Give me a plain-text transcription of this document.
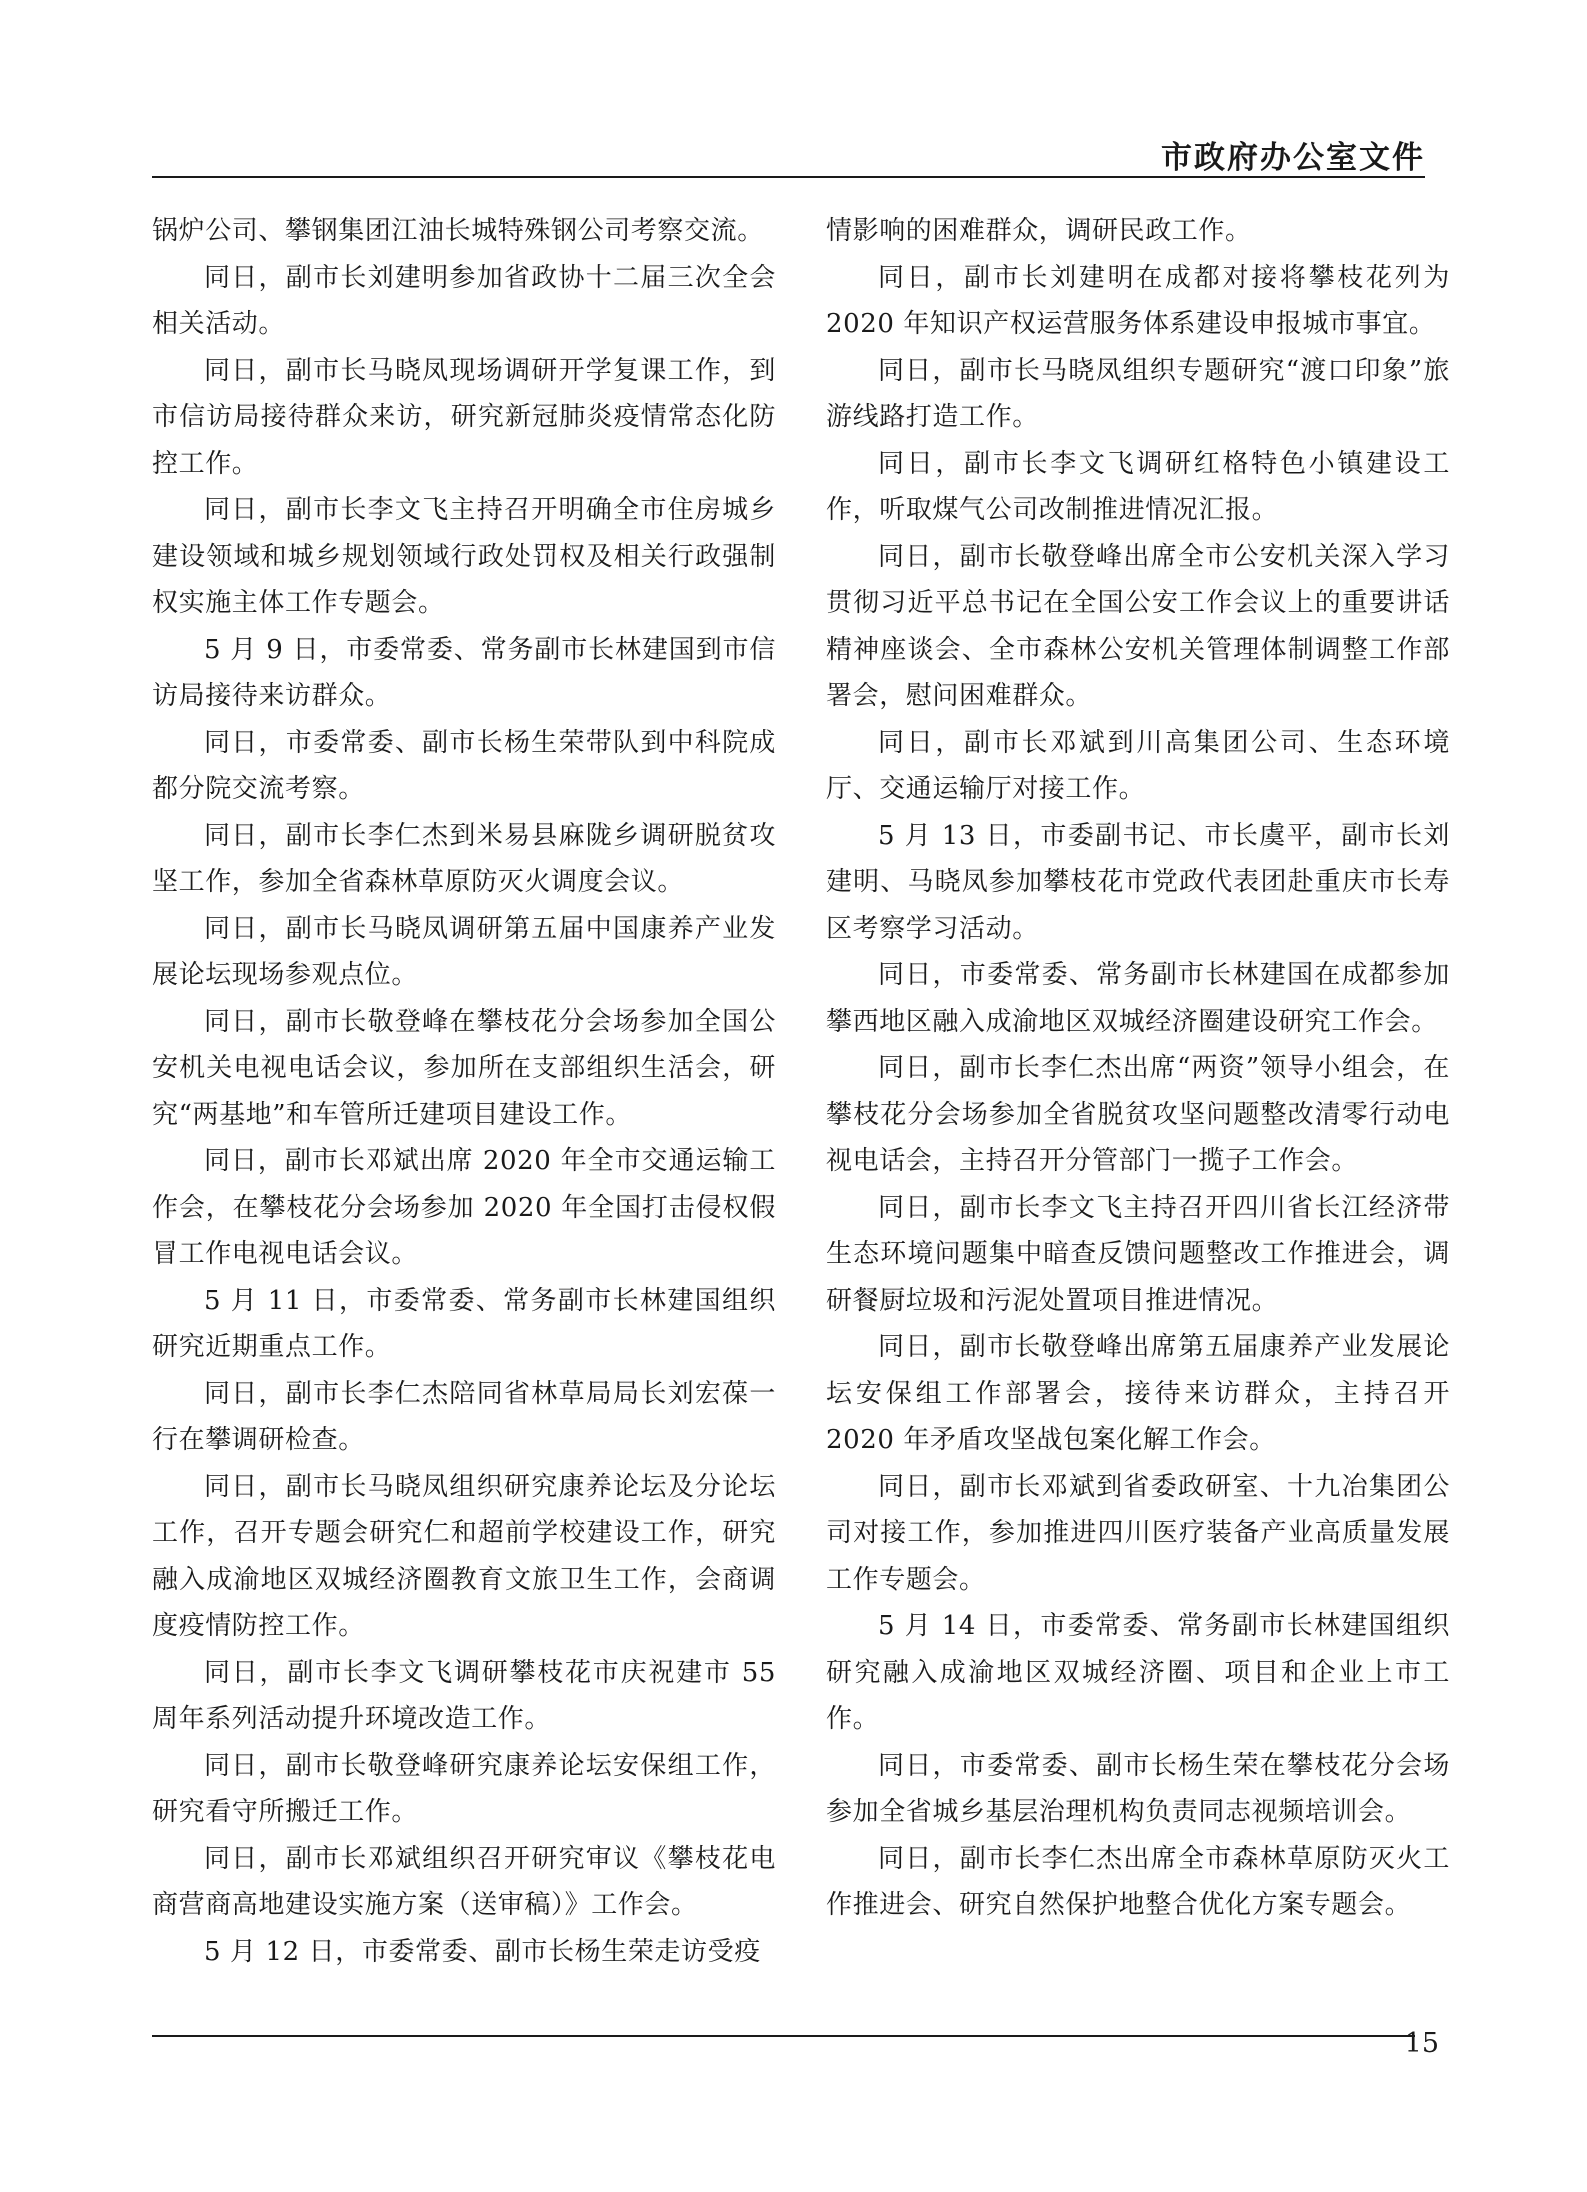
市政府办公室文件

锅炉公司、攀钢集团江油长城特殊钢公司考察交流。

同日，副市长刘建明参加省政协十二届三次全会相关活动。

同日，副市长马晓凤现场调研开学复课工作，到市信访局接待群众来访，研究新冠肺炎疫情常态化防控工作。

同日，副市长李文飞主持召开明确全市住房城乡建设领域和城乡规划领域行政处罚权及相关行政强制权实施主体工作专题会。

5 月 9 日，市委常委、常务副市长林建国到市信访局接待来访群众。

同日，市委常委、副市长杨生荣带队到中科院成都分院交流考察。

同日，副市长李仁杰到米易县麻陇乡调研脱贫攻坚工作，参加全省森林草原防灭火调度会议。

同日，副市长马晓凤调研第五届中国康养产业发展论坛现场参观点位。

同日，副市长敬登峰在攀枝花分会场参加全国公安机关电视电话会议，参加所在支部组织生活会，研究“两基地”和车管所迁建项目建设工作。

同日，副市长邓斌出席 2020 年全市交通运输工作会，在攀枝花分会场参加 2020 年全国打击侵权假冒工作电视电话会议。

5 月 11 日，市委常委、常务副市长林建国组织研究近期重点工作。

同日，副市长李仁杰陪同省林草局局长刘宏葆一行在攀调研检查。

同日，副市长马晓凤组织研究康养论坛及分论坛工作，召开专题会研究仁和超前学校建设工作，研究融入成渝地区双城经济圈教育文旅卫生工作，会商调度疫情防控工作。

同日，副市长李文飞调研攀枝花市庆祝建市 55 周年系列活动提升环境改造工作。

同日，副市长敬登峰研究康养论坛安保组工作，研究看守所搬迁工作。

同日，副市长邓斌组织召开研究审议《攀枝花电商营商高地建设实施方案（送审稿）》工作会。

5 月 12 日，市委常委、副市长杨生荣走访受疫

情影响的困难群众，调研民政工作。

同日，副市长刘建明在成都对接将攀枝花列为 2020 年知识产权运营服务体系建设申报城市事宜。

同日，副市长马晓凤组织专题研究“渡口印象”旅游线路打造工作。

同日，副市长李文飞调研红格特色小镇建设工作，听取煤气公司改制推进情况汇报。

同日，副市长敬登峰出席全市公安机关深入学习贯彻习近平总书记在全国公安工作会议上的重要讲话精神座谈会、全市森林公安机关管理体制调整工作部署会，慰问困难群众。

同日，副市长邓斌到川高集团公司、生态环境厅、交通运输厅对接工作。

5 月 13 日，市委副书记、市长虞平，副市长刘建明、马晓凤参加攀枝花市党政代表团赴重庆市长寿区考察学习活动。

同日，市委常委、常务副市长林建国在成都参加攀西地区融入成渝地区双城经济圈建设研究工作会。

同日，副市长李仁杰出席“两资”领导小组会，在攀枝花分会场参加全省脱贫攻坚问题整改清零行动电视电话会，主持召开分管部门一揽子工作会。

同日，副市长李文飞主持召开四川省长江经济带生态环境问题集中暗查反馈问题整改工作推进会，调研餐厨垃圾和污泥处置项目推进情况。

同日，副市长敬登峰出席第五届康养产业发展论坛安保组工作部署会，接待来访群众，主持召开 2020 年矛盾攻坚战包案化解工作会。

同日，副市长邓斌到省委政研室、十九冶集团公司对接工作，参加推进四川医疗装备产业高质量发展工作专题会。

5 月 14 日，市委常委、常务副市长林建国组织研究融入成渝地区双城经济圈、项目和企业上市工作。

同日，市委常委、副市长杨生荣在攀枝花分会场参加全省城乡基层治理机构负责同志视频培训会。

同日，副市长李仁杰出席全市森林草原防灭火工作推进会、研究自然保护地整合优化方案专题会。

15
